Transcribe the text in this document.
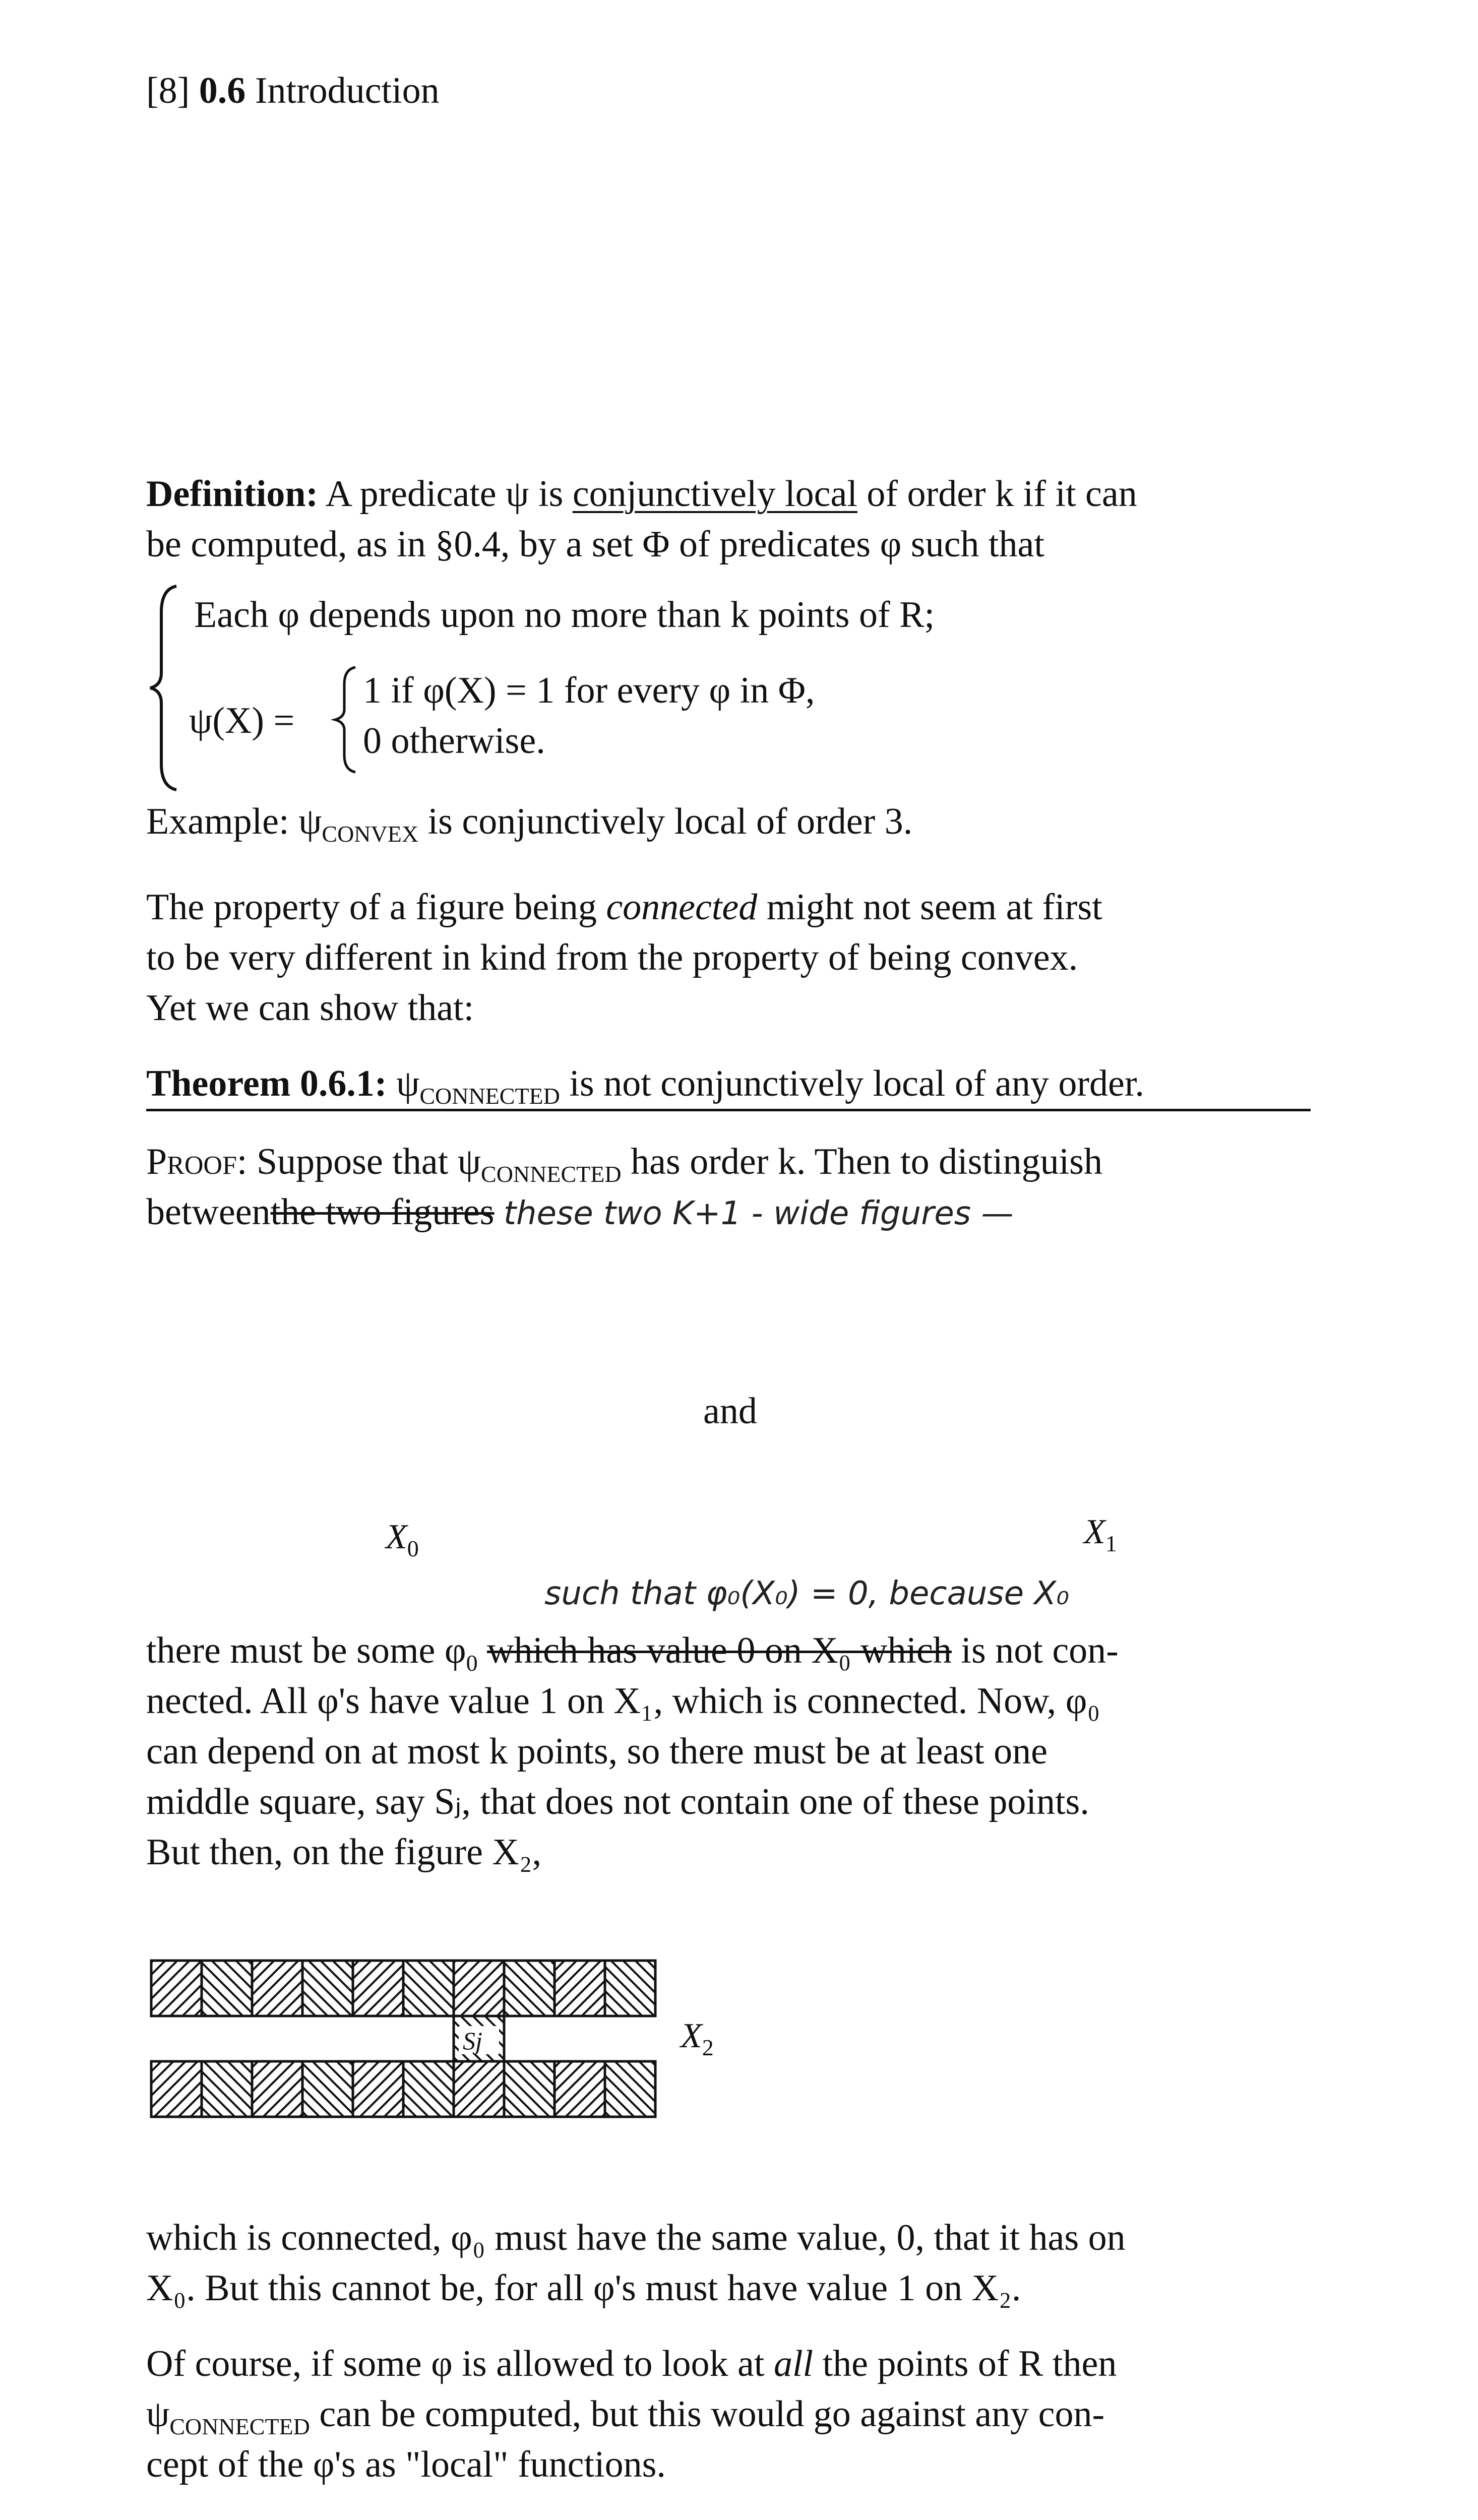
[8] 0.6 Introduction
Definition: A predicate ψ is conjunctively local of order k if it can
be computed, as in §0.4, by a set Φ of predicates φ such that
Each φ depends upon no more than k points of R;
ψ(X) =
1 if φ(X) = 1 for every φ in Φ,
0 otherwise.
Example: $\psi_{CONVEX}$ is conjunctively local of order 3.
The property of a figure being connected might not seem at first
to be very different in kind from the property of being convex.
Yet we can show that:
Theorem 0.6.1: $\psi_{CONNECTED}$ is not conjunctively local of any order.
Proof: Suppose that $\psi_{CONNECTED}$ has order k. Then to distinguish
betweenthe two figures these two K+1 - wide figures —
and
$X_0$	$X_1$
such that φ₀(X₀) = 0, because X₀
there must be some $\varphi_0$ which has value 0 on X₀ which is not con-
nected. All φ's have value 1 on X₁, which is connected. Now, φ₀
can depend on at most k points, so there must be at least one
middle square, say Sⱼ, that does not contain one of these points.
But then, on the figure X₂,
Sj	$X_2$
which is connected, φ₀ must have the same value, 0, that it has on
X₀. But this cannot be, for all φ's must have value 1 on X₂.
Of course, if some φ is allowed to look at all the points of R then
$\psi_{CONNECTED}$ can be computed, but this would go against any con-
cept of the φ's as "local" functions.
